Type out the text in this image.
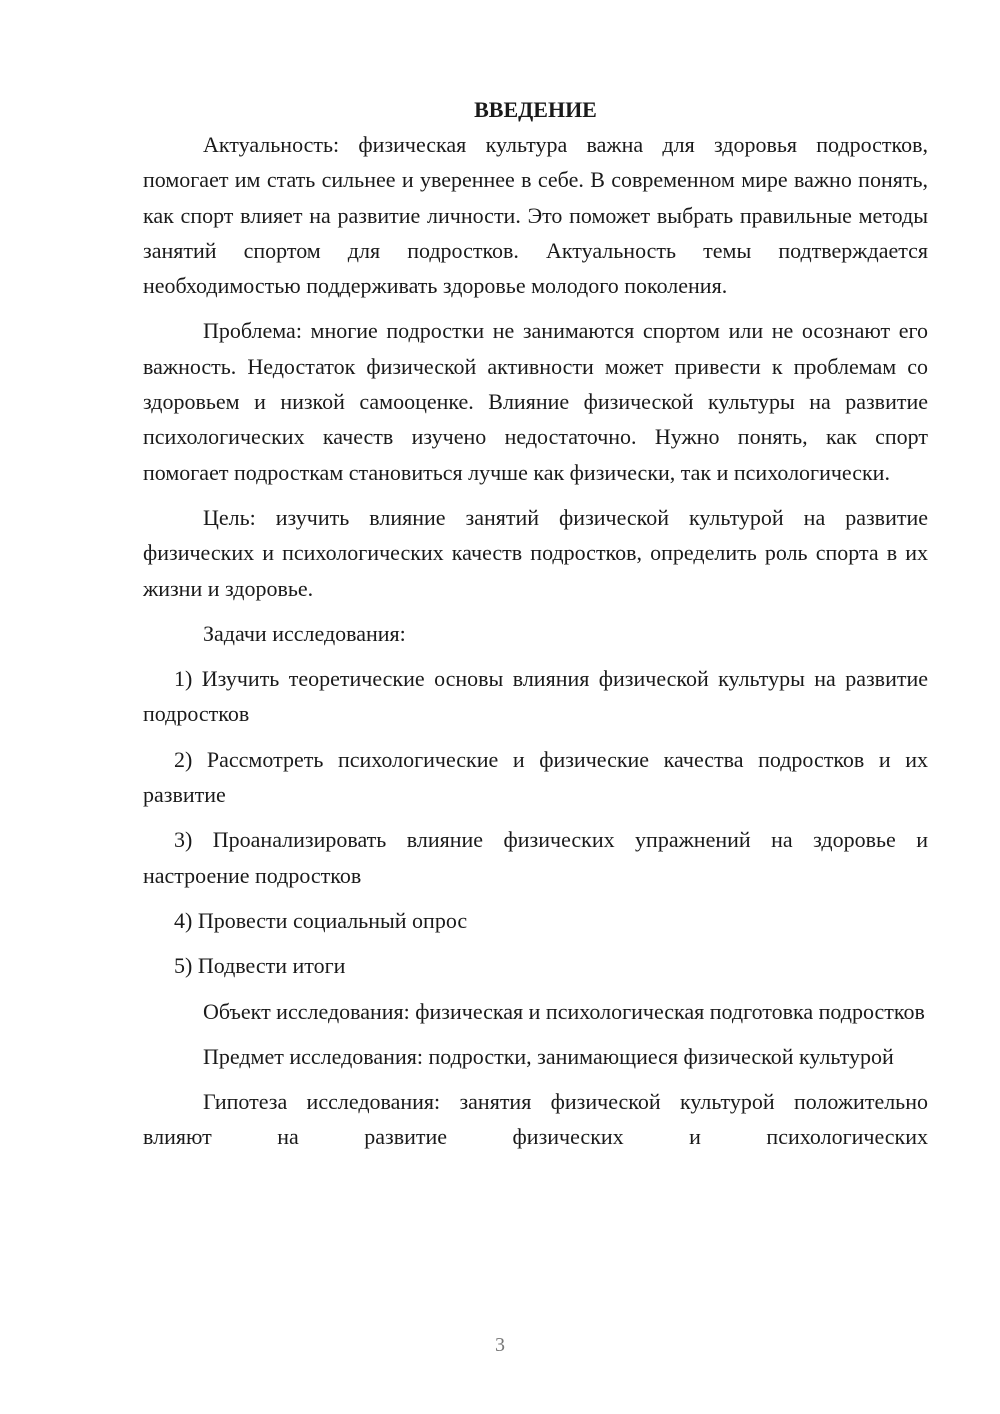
ВВЕДЕНИЕ

Актуальность: физическая культура важна для здоровья подростков, помогает им стать сильнее и увереннее в себе. В современном мире важно понять, как спорт влияет на развитие личности. Это поможет выбрать правильные методы занятий спортом для подростков. Актуальность темы подтверждается необходимостью поддерживать здоровье молодого поколения.

Проблема: многие подростки не занимаются спортом или не осознают его важность. Недостаток физической активности может привести к проблемам со здоровьем и низкой самооценке. Влияние физической культуры на развитие психологических качеств изучено недостаточно. Нужно понять, как спорт помогает подросткам становиться лучше как физически, так и психологически.

Цель: изучить влияние занятий физической культурой на развитие физических и психологических качеств подростков, определить роль спорта в их жизни и здоровье.

Задачи исследования:

1) Изучить теоретические основы влияния физической культуры на развитие подростков

2) Рассмотреть психологические и физические качества подростков и их развитие

3) Проанализировать влияние физических упражнений на здоровье и настроение подростков

4) Провести социальный опрос

5) Подвести итоги

Объект исследования: физическая и психологическая подготовка подростков

Предмет исследования: подростки, занимающиеся физической культурой

Гипотеза исследования: занятия физической культурой положительно влияют на развитие физических и психологических

3
